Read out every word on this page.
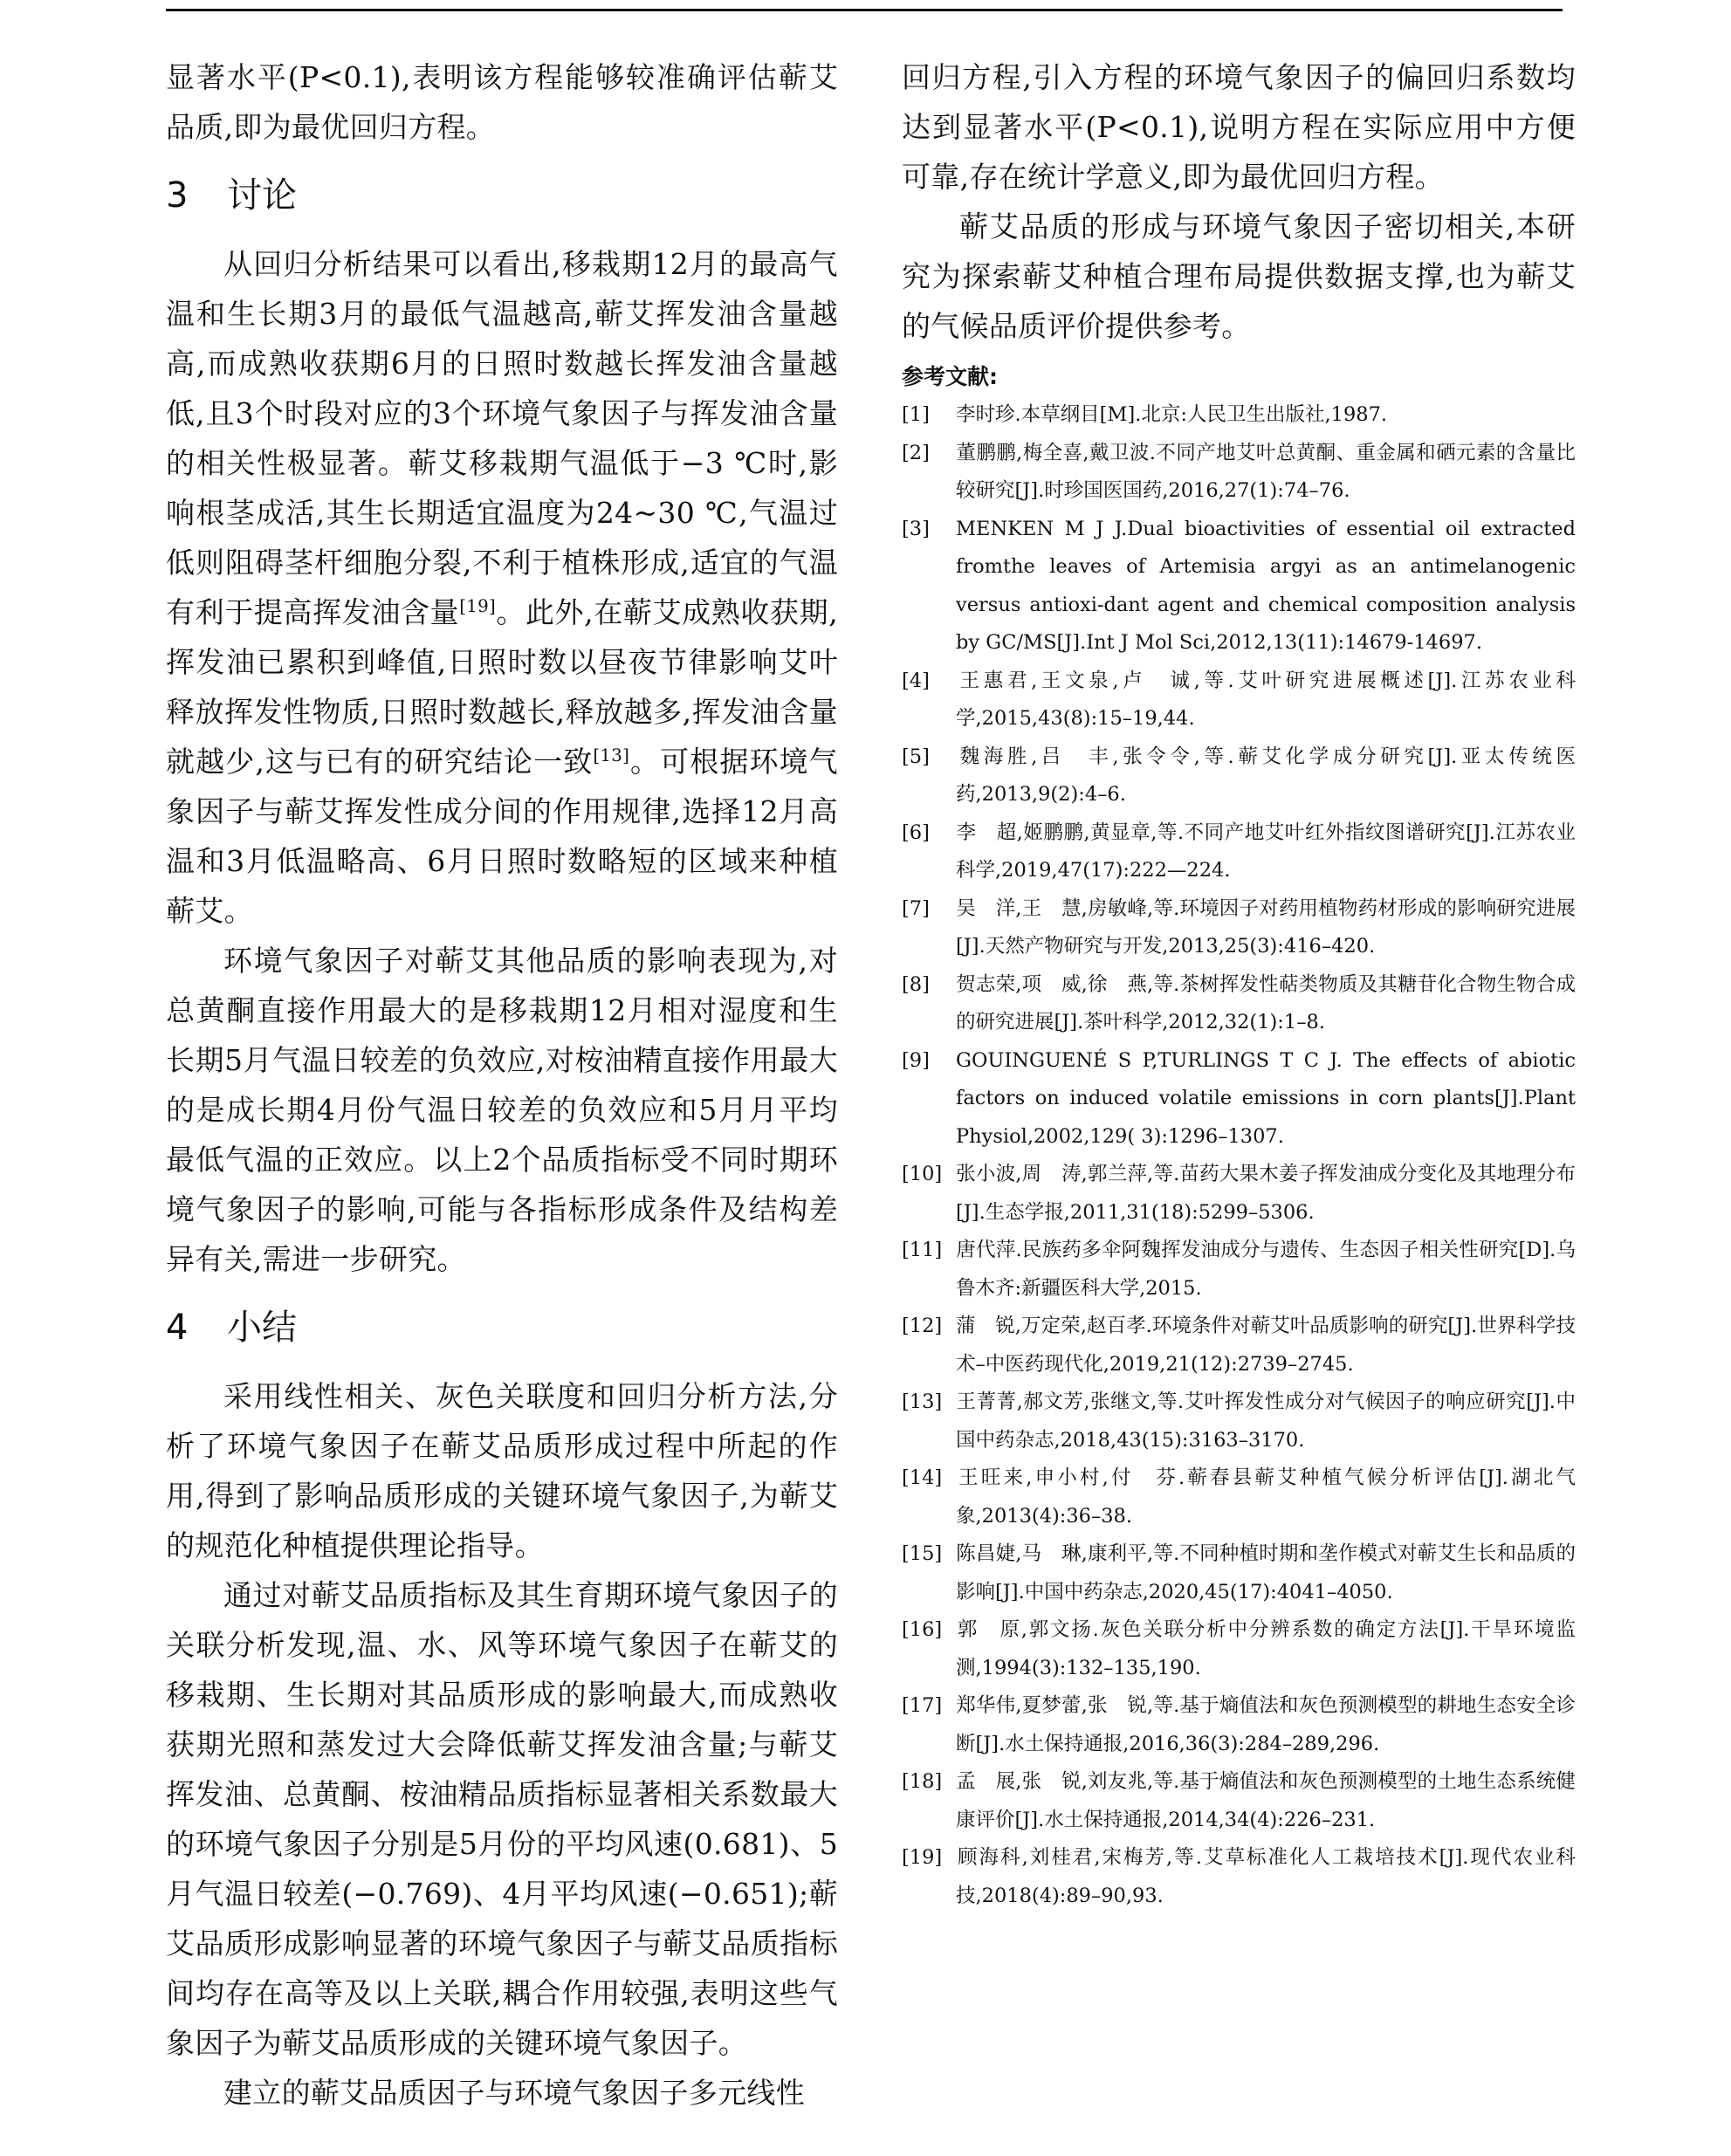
显著水平(P<0.1),表明该方程能够较准确评估蕲艾品质,即为最优回归方程。

3 讨论

从回归分析结果可以看出,移栽期12月的最高气温和生长期3月的最低气温越高,蕲艾挥发油含量越高,而成熟收获期6月的日照时数越长挥发油含量越低,且3个时段对应的3个环境气象因子与挥发油含量的相关性极显著。蕲艾移栽期气温低于−3 ℃时,影响根茎成活,其生长期适宜温度为24~30 ℃,气温过低则阻碍茎杆细胞分裂,不利于植株形成,适宜的气温有利于提高挥发油含量[19]。此外,在蕲艾成熟收获期,挥发油已累积到峰值,日照时数以昼夜节律影响艾叶释放挥发性物质,日照时数越长,释放越多,挥发油含量就越少,这与已有的研究结论一致[13]。可根据环境气象因子与蕲艾挥发性成分间的作用规律,选择12月高温和3月低温略高、6月日照时数略短的区域来种植蕲艾。

环境气象因子对蕲艾其他品质的影响表现为,对总黄酮直接作用最大的是移栽期12月相对湿度和生长期5月气温日较差的负效应,对桉油精直接作用最大的是成长期4月份气温日较差的负效应和5月月平均最低气温的正效应。以上2个品质指标受不同时期环境气象因子的影响,可能与各指标形成条件及结构差异有关,需进一步研究。

4 小结

采用线性相关、灰色关联度和回归分析方法,分析了环境气象因子在蕲艾品质形成过程中所起的作用,得到了影响品质形成的关键环境气象因子,为蕲艾的规范化种植提供理论指导。

通过对蕲艾品质指标及其生育期环境气象因子的关联分析发现,温、水、风等环境气象因子在蕲艾的移栽期、生长期对其品质形成的影响最大,而成熟收获期光照和蒸发过大会降低蕲艾挥发油含量;与蕲艾挥发油、总黄酮、桉油精品质指标显著相关系数最大的环境气象因子分别是5月份的平均风速(0.681)、5月气温日较差(−0.769)、4月平均风速(−0.651);蕲艾品质形成影响显著的环境气象因子与蕲艾品质指标间均存在高等及以上关联,耦合作用较强,表明这些气象因子为蕲艾品质形成的关键环境气象因子。

建立的蕲艾品质因子与环境气象因子多元线性

回归方程,引入方程的环境气象因子的偏回归系数均达到显著水平(P<0.1),说明方程在实际应用中方便可靠,存在统计学意义,即为最优回归方程。

蕲艾品质的形成与环境气象因子密切相关,本研究为探索蕲艾种植合理布局提供数据支撑,也为蕲艾的气候品质评价提供参考。

参考文献:
[1] 李时珍.本草纲目[M].北京:人民卫生出版社,1987.
[2] 董鹏鹏,梅全喜,戴卫波.不同产地艾叶总黄酮、重金属和硒元素的含量比较研究[J].时珍国医国药,2016,27(1):74–76.
[3] MENKEN M J J.Dual bioactivities of essential oil extracted fromthe leaves of Artemisia argyi as an antimelanogenic versus antioxi-dant agent and chemical composition analysis by GC/MS[J].Int J Mol Sci,2012,13(11):14679-14697.
[4] 王惠君,王文泉,卢　诚,等.艾叶研究进展概述[J].江苏农业科学,2015,43(8):15–19,44.
[5] 魏海胜,吕　丰,张令令,等.蕲艾化学成分研究[J].亚太传统医药,2013,9(2):4–6.
[6] 李　超,姬鹏鹏,黄显章,等.不同产地艾叶红外指纹图谱研究[J].江苏农业科学,2019,47(17):222—224.
[7] 吴　洋,王　慧,房敏峰,等.环境因子对药用植物药材形成的影响研究进展[J].天然产物研究与开发,2013,25(3):416–420.
[8] 贺志荣,项　威,徐　燕,等.茶树挥发性萜类物质及其糖苷化合物生物合成的研究进展[J].茶叶科学,2012,32(1):1–8.
[9] GOUINGUENÉ S P,TURLINGS T C J. The effects of abiotic factors on induced volatile emissions in corn plants[J].Plant Physiol,2002,129( 3):1296–1307.
[10] 张小波,周　涛,郭兰萍,等.苗药大果木姜子挥发油成分变化及其地理分布[J].生态学报,2011,31(18):5299–5306.
[11] 唐代萍.民族药多伞阿魏挥发油成分与遗传、生态因子相关性研究[D].乌鲁木齐:新疆医科大学,2015.
[12] 蒲　锐,万定荣,赵百孝.环境条件对蕲艾叶品质影响的研究[J].世界科学技术–中医药现代化,2019,21(12):2739–2745.
[13] 王菁菁,郝文芳,张继文,等.艾叶挥发性成分对气候因子的响应研究[J].中国中药杂志,2018,43(15):3163–3170.
[14] 王旺来,申小村,付　芬.蕲春县蕲艾种植气候分析评估[J].湖北气象,2013(4):36–38.
[15] 陈昌婕,马　琳,康利平,等.不同种植时期和垄作模式对蕲艾生长和品质的影响[J].中国中药杂志,2020,45(17):4041–4050.
[16] 郭　原,郭文扬.灰色关联分析中分辨系数的确定方法[J].干旱环境监测,1994(3):132–135,190.
[17] 郑华伟,夏梦蕾,张　锐,等.基于熵值法和灰色预测模型的耕地生态安全诊断[J].水土保持通报,2016,36(3):284–289,296.
[18] 孟　展,张　锐,刘友兆,等.基于熵值法和灰色预测模型的土地生态系统健康评价[J].水土保持通报,2014,34(4):226–231.
[19] 顾海科,刘桂君,宋梅芳,等.艾草标准化人工栽培技术[J].现代农业科技,2018(4):89–90,93.
